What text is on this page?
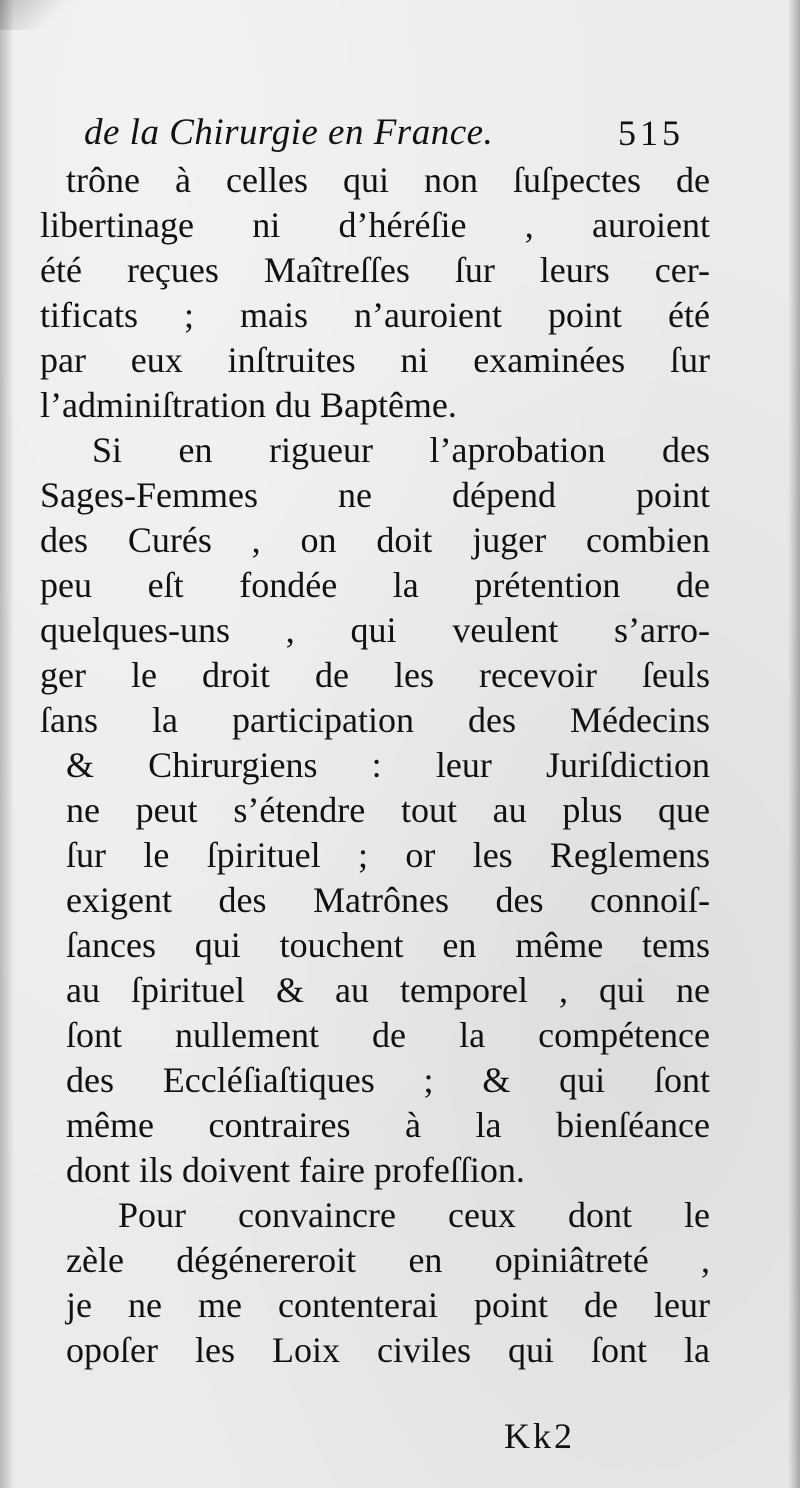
de la Chirurgie en France.	515
trône à celles qui non ſuſpectes de
libertinage ni d’héréſie , auroient
été reçues Maîtreſſes ſur leurs cer-
tificats ; mais n’auroient point été
par eux inſtruites ni examinées ſur
l’adminiſtration du Baptême.
Si en rigueur l’aprobation des
Sages-Femmes ne dépend point
des Curés , on doit juger combien
peu eſt fondée la prétention de
quelques-uns , qui veulent s’arro-
ger le droit de les recevoir ſeuls
ſans la participation des Médecins
& Chirurgiens : leur Juriſdiction
ne peut s’étendre tout au plus que
ſur le ſpirituel ; or les Reglemens
exigent des Matrônes des connoiſ-
ſances qui touchent en même tems
au ſpirituel & au temporel , qui ne
ſont nullement de la compétence
des Eccléſiaſtiques ; & qui ſont
même contraires à la bienſéance
dont ils doivent faire profeſſion.
Pour convaincre ceux dont le
zèle dégénereroit en opiniâtreté ,
je ne me contenterai point de leur
opoſer les Loix civiles qui ſont la
Kk2
